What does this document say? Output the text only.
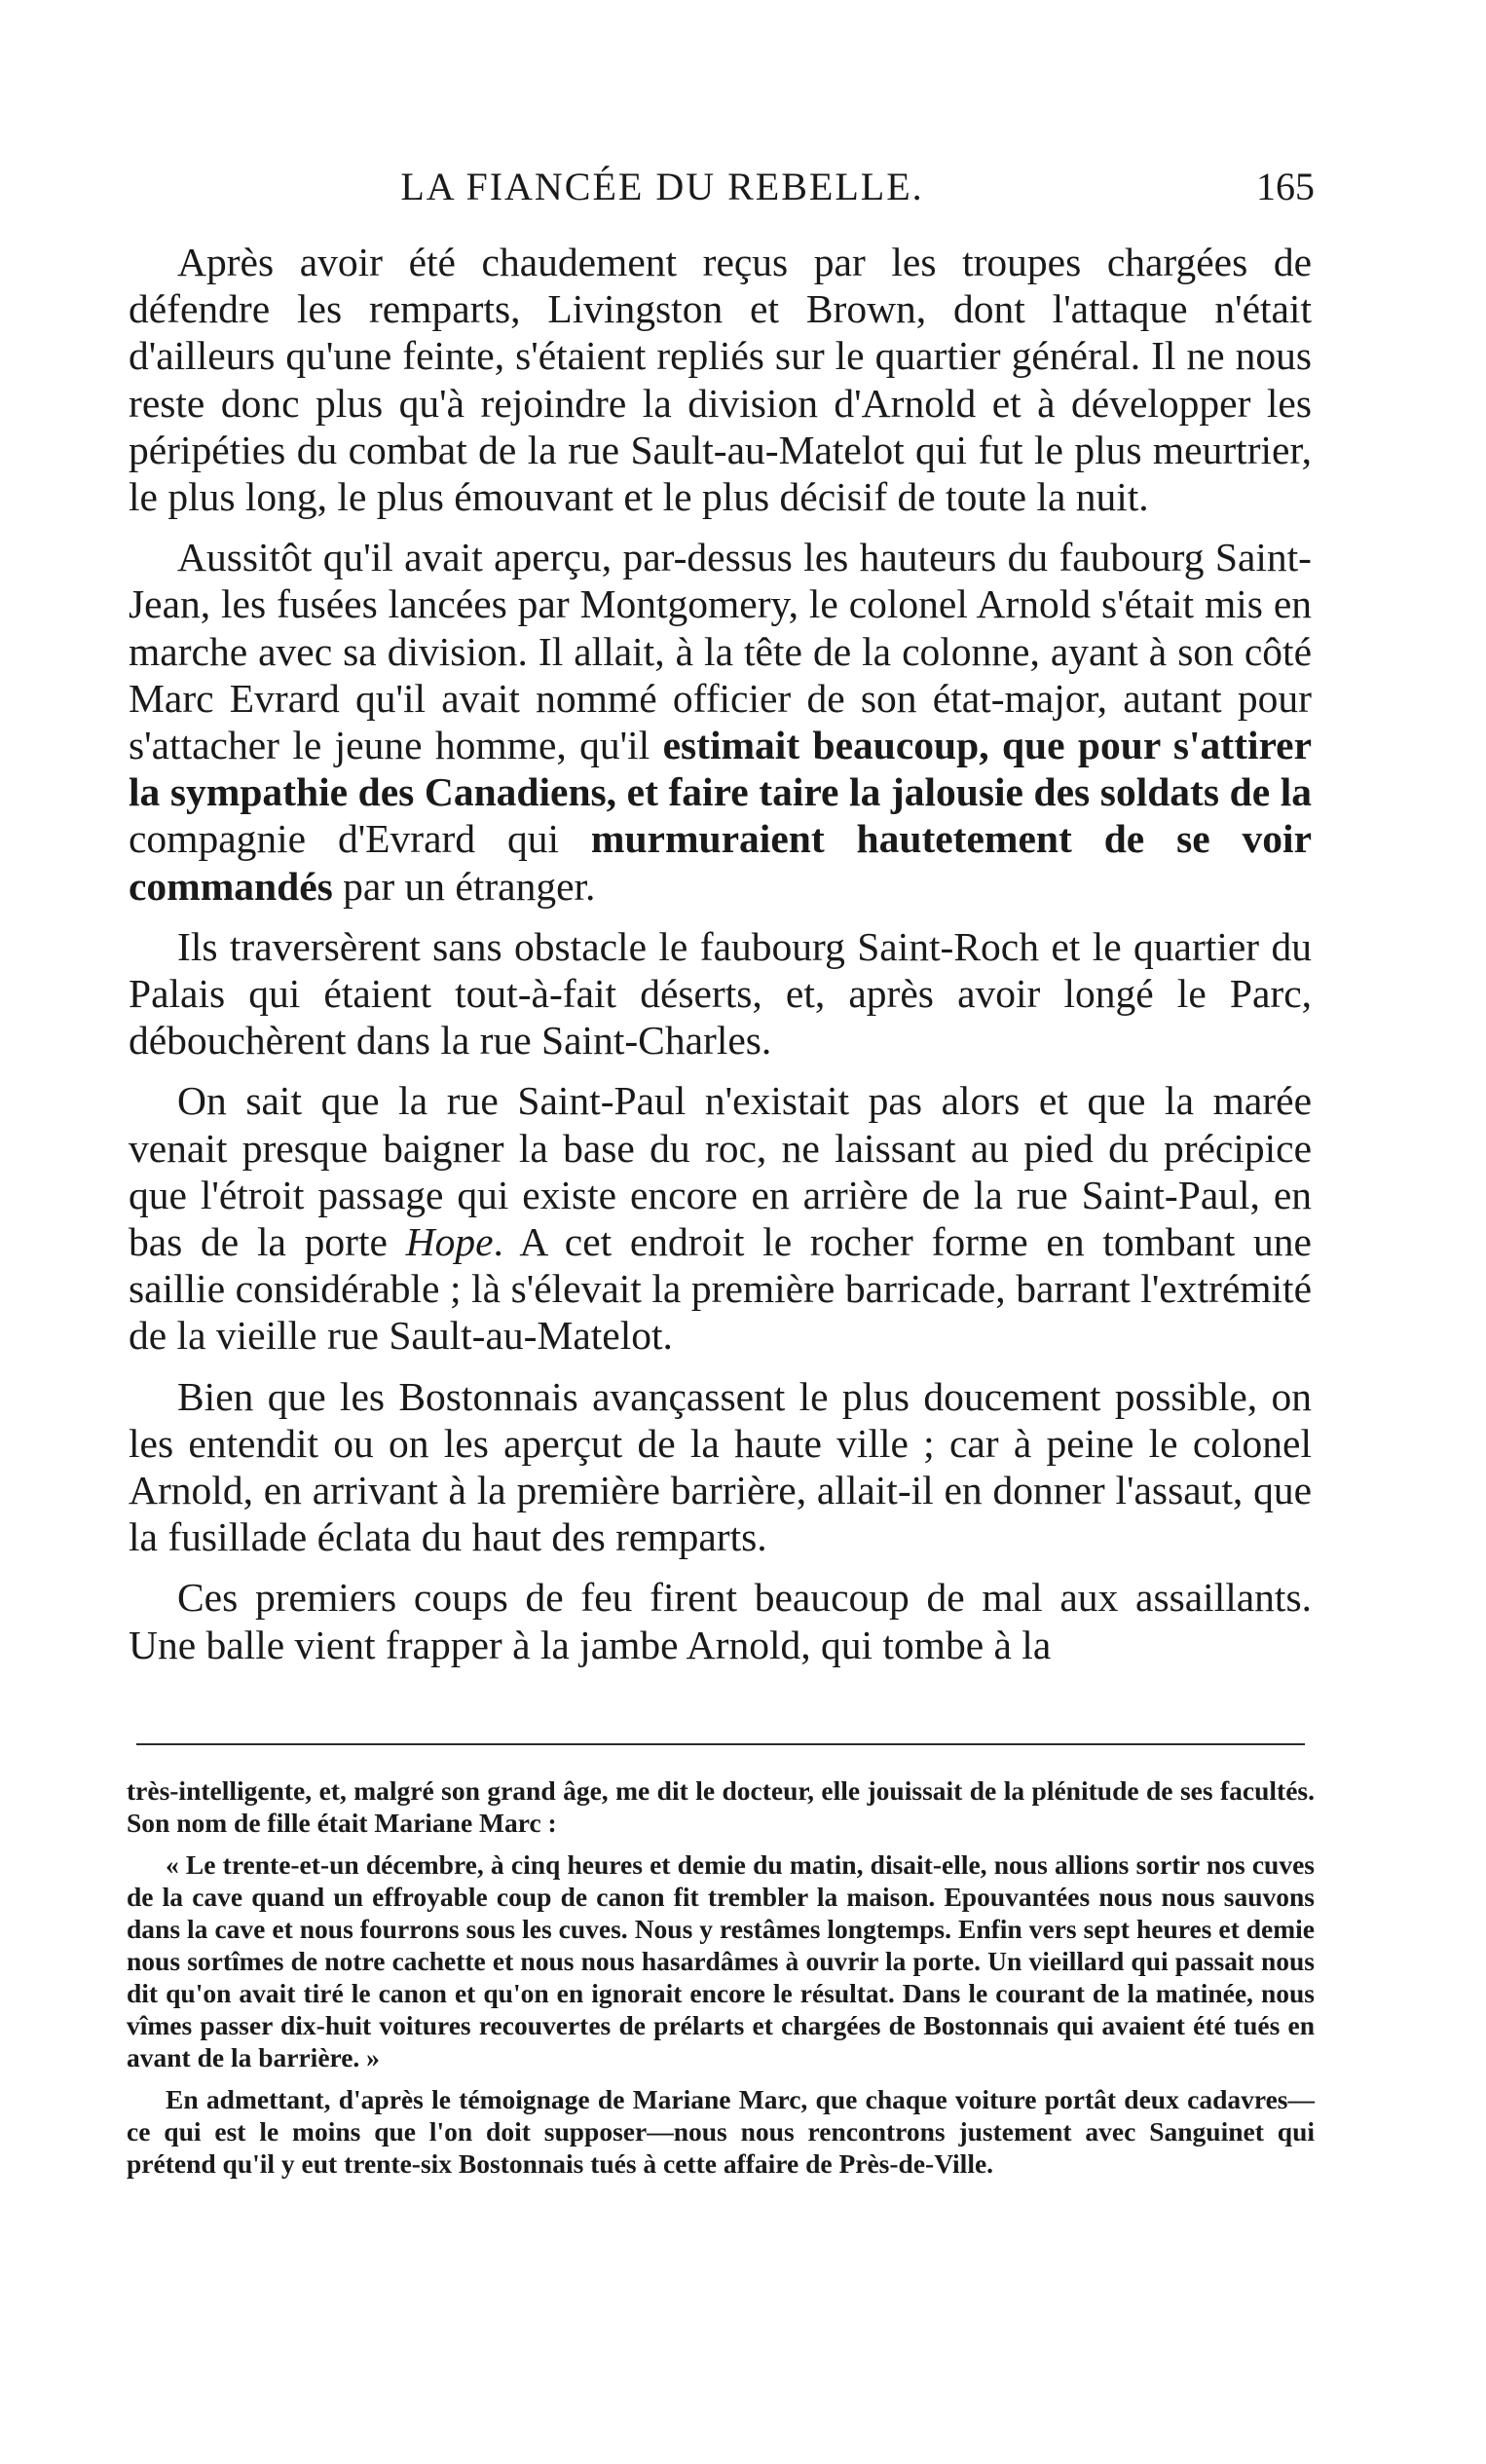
LA FIANCÉE DU REBELLE.	165

Après avoir été chaudement reçus par les troupes chargées de défendre les remparts, Livingston et Brown, dont l'attaque n'était d'ailleurs qu'une feinte, s'étaient repliés sur le quartier général. Il ne nous reste donc plus qu'à rejoindre la division d'Arnold et à développer les péripéties du combat de la rue Sault-au-Matelot qui fut le plus meurtrier, le plus long, le plus émouvant et le plus décisif de toute la nuit.

Aussitôt qu'il avait aperçu, par-dessus les hauteurs du faubourg Saint-Jean, les fusées lancées par Montgomery, le colonel Arnold s'était mis en marche avec sa division. Il allait, à la tête de la colonne, ayant à son côté Marc Evrard qu'il avait nommé officier de son état-major, autant pour s'attacher le jeune homme, qu'il estimait beaucoup, que pour s'attirer la sympathie des Canadiens, et faire taire la jalousie des soldats de la compagnie d'Evrard qui murmuraient hautetement de se voir commandés par un étranger.

Ils traversèrent sans obstacle le faubourg Saint-Roch et le quartier du Palais qui étaient tout-à-fait déserts, et, après avoir longé le Parc, débouchèrent dans la rue Saint-Charles.

On sait que la rue Saint-Paul n'existait pas alors et que la marée venait presque baigner la base du roc, ne laissant au pied du précipice que l'étroit passage qui existe encore en arrière de la rue Saint-Paul, en bas de la porte Hope. A cet endroit le rocher forme en tombant une saillie considérable ; là s'élevait la première barricade, barrant l'extrémité de la vieille rue Sault-au-Matelot.

Bien que les Bostonnais avançassent le plus doucement possible, on les entendit ou on les aperçut de la haute ville ; car à peine le colonel Arnold, en arrivant à la première barrière, allait-il en donner l'assaut, que la fusillade éclata du haut des remparts.

Ces premiers coups de feu firent beaucoup de mal aux assaillants. Une balle vient frapper à la jambe Arnold, qui tombe à la

très-intelligente, et, malgré son grand âge, me dit le docteur, elle jouissait de la plénitude de ses facultés. Son nom de fille était Mariane Marc :

« Le trente-et-un décembre, à cinq heures et demie du matin, disait-elle, nous allions sortir nos cuves de la cave quand un effroyable coup de canon fit trembler la maison. Epouvantées nous nous sauvons dans la cave et nous fourrons sous les cuves. Nous y restâmes longtemps. Enfin vers sept heures et demie nous sortîmes de notre cachette et nous nous hasardâmes à ouvrir la porte. Un vieillard qui passait nous dit qu'on avait tiré le canon et qu'on en ignorait encore le résultat. Dans le courant de la matinée, nous vîmes passer dix-huit voitures recouvertes de prélarts et chargées de Bostonnais qui avaient été tués en avant de la barrière. »

En admettant, d'après le témoignage de Mariane Marc, que chaque voiture portât deux cadavres—ce qui est le moins que l'on doit supposer—nous nous rencontrons justement avec Sanguinet qui prétend qu'il y eut trente-six Bostonnais tués à cette affaire de Près-de-Ville.
